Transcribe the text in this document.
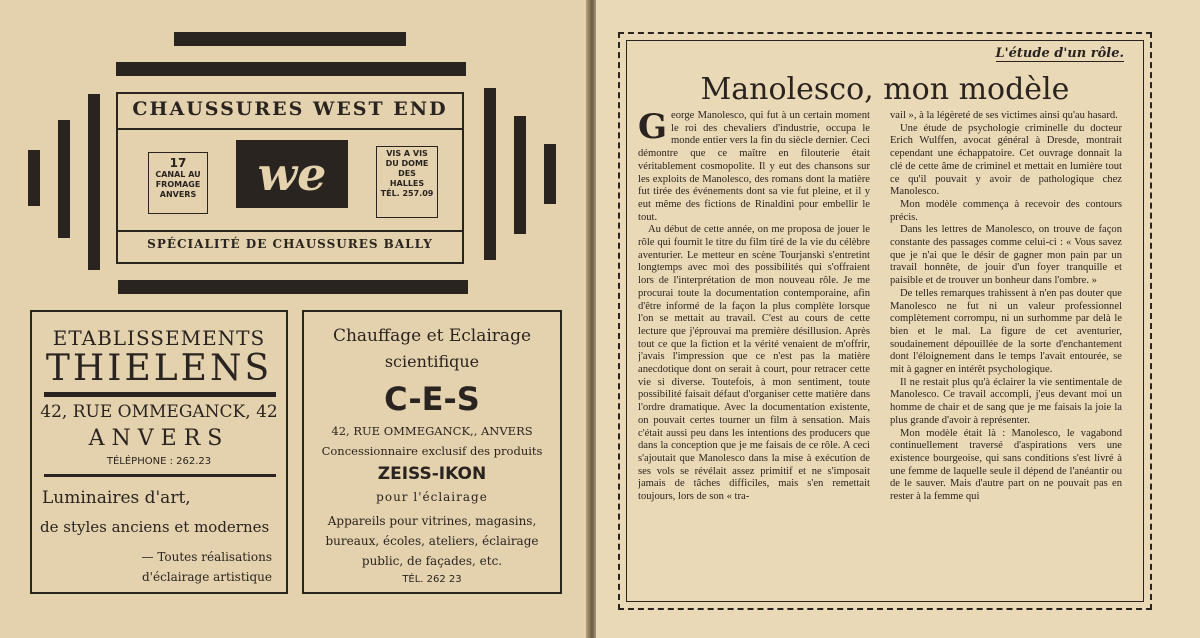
CHAUSSURES WEST END
17
CANAL AU
FROMAGE
ANVERS	we	VIS A VIS
DU DOME
DES
HALLES
TÉL. 257.09
SPÉCIALITÉ DE CHAUSSURES BALLY
ETABLISSEMENTS
THIELENS
42, RUE OMMEGANCK, 42
ANVERS
TÉLÉPHONE : 262.23
Luminaires d'art,
de styles anciens et modernes
— Toutes réalisations
d'éclairage artistique
Chauffage et Eclairage
scientifique
C-E-S
42, RUE OMMEGANCK,, ANVERS
Concessionnaire exclusif des produits
ZEISS-IKON
pour l'éclairage
Appareils pour vitrines, magasins,
bureaux, écoles, ateliers, éclairage
public, de façades, etc.
TÉL. 262 23
L'étude d'un rôle.
Manolesco, mon modèle

George Manolesco, qui fut à un certain moment le roi des chevaliers d'industrie, occupa le monde entier vers la fin du siècle dernier. Ceci démontre que ce maître en filouterie était véritablement cosmopolite. Il y eut des chansons sur les exploits de Manolesco, des romans dont la matière fut tirée des événements dont sa vie fut pleine, et il y eut même des fictions de Rinaldini pour embellir le tout.

Au début de cette année, on me proposa de jouer le rôle qui fournit le titre du film tiré de la vie du célèbre aventurier. Le metteur en scène Tourjanski s'entretint longtemps avec moi des possibilités qui s'offraient lors de l'interprétation de mon nouveau rôle. Je me procurai toute la documentation contemporaine, afin d'être informé de la façon la plus complète lorsque l'on se mettait au travail. C'est au cours de cette lecture que j'éprouvai ma première désillusion. Après tout ce que la fiction et la vérité venaient de m'offrir, j'avais l'impression que ce n'est pas la matière anecdotique dont on serait à court, pour retracer cette vie si diverse. Toutefois, à mon sentiment, toute possibilité faisait défaut d'organiser cette matière dans l'ordre dramatique. Avec la documentation existente, on pouvait certes tourner un film à sensation. Mais c'était aussi peu dans les intentions des producers que dans la conception que je me faisais de ce rôle. A ceci s'ajoutait que Manolesco dans la mise à exécution de ses vols se révélait assez primitif et ne s'imposait jamais de tâches difficiles, mais s'en remettait toujours, lors de son « tra-

vail », à la légèreté de ses victimes ainsi qu'au hasard.

Une étude de psychologie criminelle du docteur Erich Wulffen, avocat général à Dresde, montrait cependant une échappatoire. Cet ouvrage donnait la clé de cette âme de criminel et mettait en lumière tout ce qu'il pouvait y avoir de pathologique chez Manolesco.

Mon modèle commença à recevoir des contours précis.

Dans les lettres de Manolesco, on trouve de façon constante des passages comme celui-ci : « Vous savez que je n'ai que le désir de gagner mon pain par un travail honnête, de jouir d'un foyer tranquille et paisible et de trouver un bonheur dans l'ombre. »

De telles remarques trahissent à n'en pas douter que Manolesco ne fut ni un valeur professionnel complètement corrompu, ni un surhomme par delà le bien et le mal. La figure de cet aventurier, soudainement dépouillée de la sorte d'enchantement dont l'éloignement dans le temps l'avait entourée, se mit à gagner en intérêt psychologique.

Il ne restait plus qu'à éclairer la vie sentimentale de Manolesco. Ce travail accompli, j'eus devant moi un homme de chair et de sang que je me faisais la joie la plus grande d'avoir à représenter.

Mon modèle était là : Manolesco, le vagabond continuellement traversé d'aspirations vers une existence bourgeoise, qui sans conditions s'est livré à une femme de laquelle seule il dépend de l'anéantir ou de le sauver. Mais d'autre part on ne pouvait pas en rester à la femme qui
